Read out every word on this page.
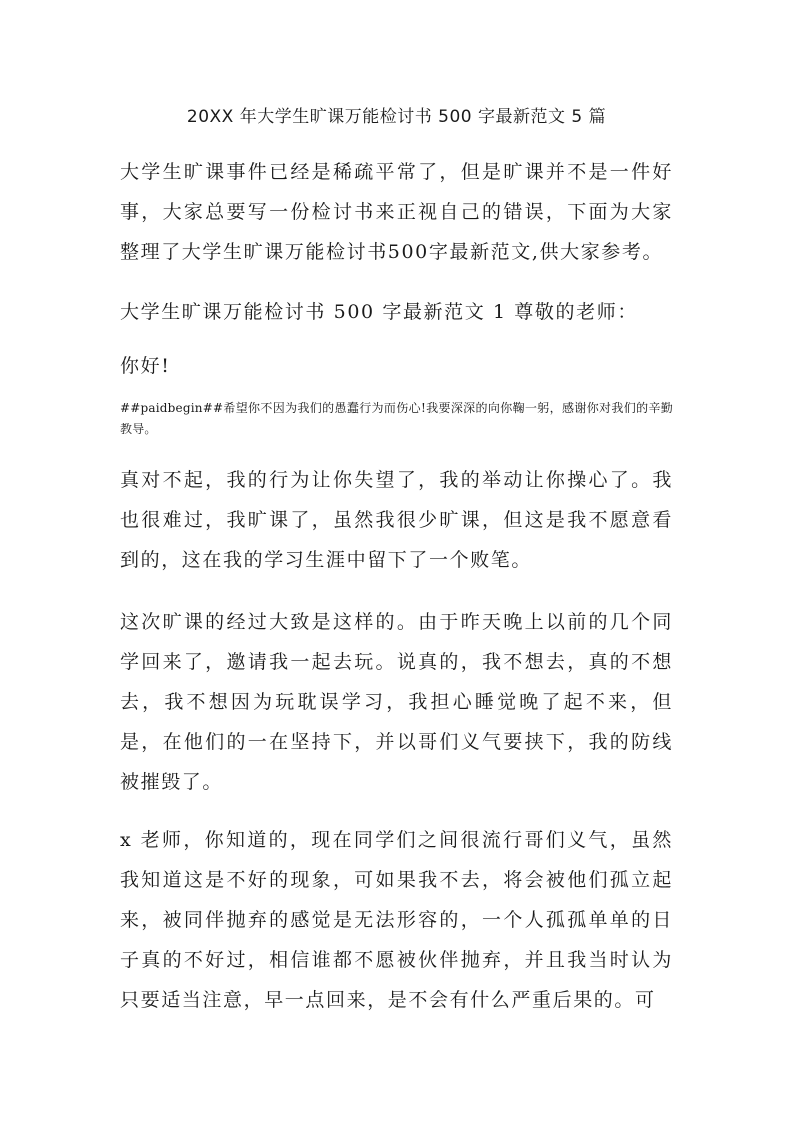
20XX 年大学生旷课万能检讨书 500 字最新范文 5 篇

大学生旷课事件已经是稀疏平常了，但是旷课并不是一件好事，大家总要写一份检讨书来正视自己的错误，下面为大家整理了大学生旷课万能检讨书500字最新范文,供大家参考。

大学生旷课万能检讨书 500 字最新范文 1 尊敬的老师：

你好!

##paidbegin##希望你不因为我们的愚蠢行为而伤心!我要深深的向你鞠一躬，感谢你对我们的辛勤教导。

真对不起，我的行为让你失望了，我的举动让你操心了。我也很难过，我旷课了，虽然我很少旷课，但这是我不愿意看到的，这在我的学习生涯中留下了一个败笔。

这次旷课的经过大致是这样的。由于昨天晚上以前的几个同学回来了，邀请我一起去玩。说真的，我不想去，真的不想去，我不想因为玩耽误学习，我担心睡觉晚了起不来，但是，在他们的一在坚持下，并以哥们义气要挟下，我的防线被摧毁了。

x 老师，你知道的，现在同学们之间很流行哥们义气，虽然我知道这是不好的现象，可如果我不去，将会被他们孤立起来，被同伴抛弃的感觉是无法形容的，一个人孤孤单单的日子真的不好过，相信谁都不愿被伙伴抛弃，并且我当时认为只要适当注意，早一点回来，是不会有什么严重后果的。可
